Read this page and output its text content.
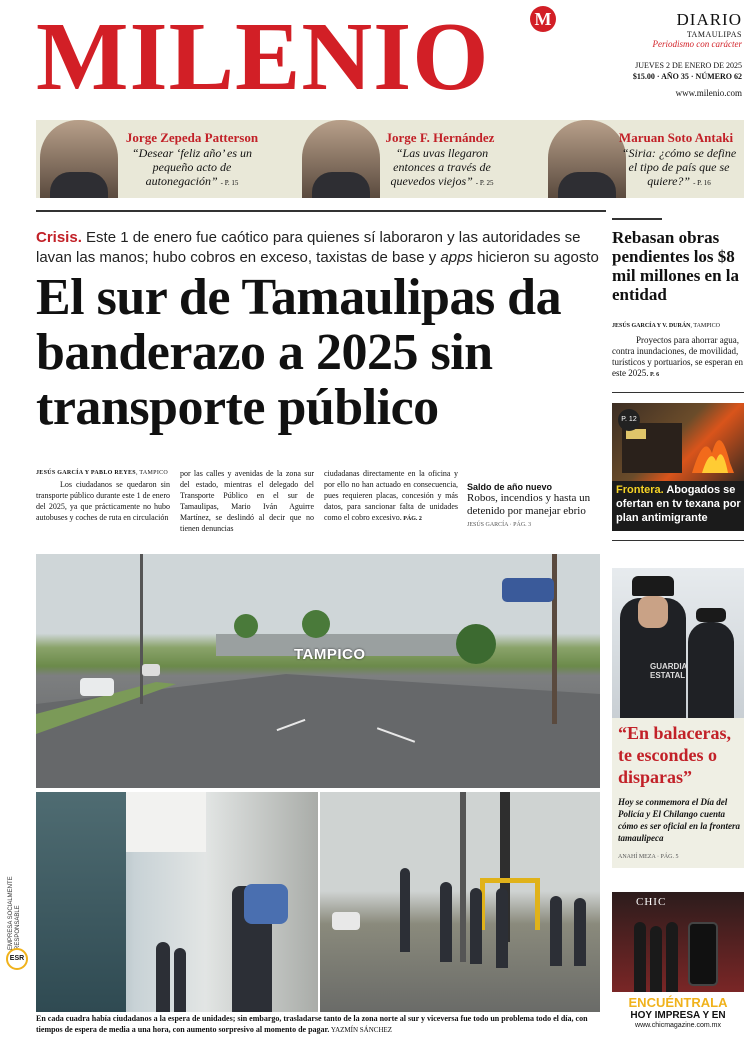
MILENIO M	DIARIO
TAMAULIPAS
Periodismo con carácter
JUEVES 2 DE ENERO DE 2025
$15.00 · AÑO 35 · NÚMERO 62
www.milenio.com
Jorge Zepeda Patterson
“Desear ‘feliz año’ es un pequeño acto de autonegación” - P. 15
Jorge F. Hernández
“Las uvas llegaron entonces a través de quevedos viejos” - P. 25
Maruan Soto Antaki
“Siria: ¿cómo se define el tipo de país que se quiere?” - P. 16
Crisis. Este 1 de enero fue caótico para quienes sí laboraron y las autoridades se lavan las manos; hubo cobros en exceso, taxistas de base y apps hicieron su agosto
El sur de Tamaulipas da banderazo a 2025 sin transporte público
JESÚS GARCÍA Y PABLO REYES, TAMPICO
Los ciudadanos se quedaron sin transporte público durante este 1 de enero del 2025, ya que prácticamente no hubo autobuses y coches de ruta en circulación
por las calles y avenidas de la zona sur del estado, mientras el delegado del Transporte Público en el sur de Tamaulipas, Mario Iván Aguirre Martínez, se deslindó al decir que no tienen denuncias
ciudadanas directamente en la oficina y por ello no han actuado en consecuencia, pues requieren placas, concesión y más datos, para sancionar falta de unidades como el cobro excesivo. PÁG. 2
Saldo de año nuevo
Robos, incendios y hasta un detenido por manejar ebrio
JESÚS GARCÍA · PÁG. 3
Rebasan obras pendientes los $8 mil millones en la entidad
JESÚS GARCÍA Y V. DURÁN, TAMPICO
Proyectos para ahorrar agua, contra inundaciones, de movilidad, turísticos y portuarios, se esperan en este 2025. P. 6
P. 12
Frontera. Abogados se ofertan en tv texana por plan antimigrante
GUARDIA
ESTATAL
“En balaceras, te escondes o disparas”
Hoy se conmemora el Día del Policía y El Chilango cuenta cómo es ser oficial en la frontera tamaulipeca
ANAHÍ MEZA · PÁG. 5
TAMPICO
En cada cuadra había ciudadanos a la espera de unidades; sin embargo, trasladarse tanto de la zona norte al sur y viceversa fue todo un problema todo el día, con tiempos de espera de media a una hora, con aumento sorpresivo al momento de pagar. YAZMÍN SÁNCHEZ
EMPRESA SOCIALMENTE RESPONSABLE
ESR
CHIC
ENCUÉNTRALA
HOY IMPRESA Y EN
www.chicmagazine.com.mx
